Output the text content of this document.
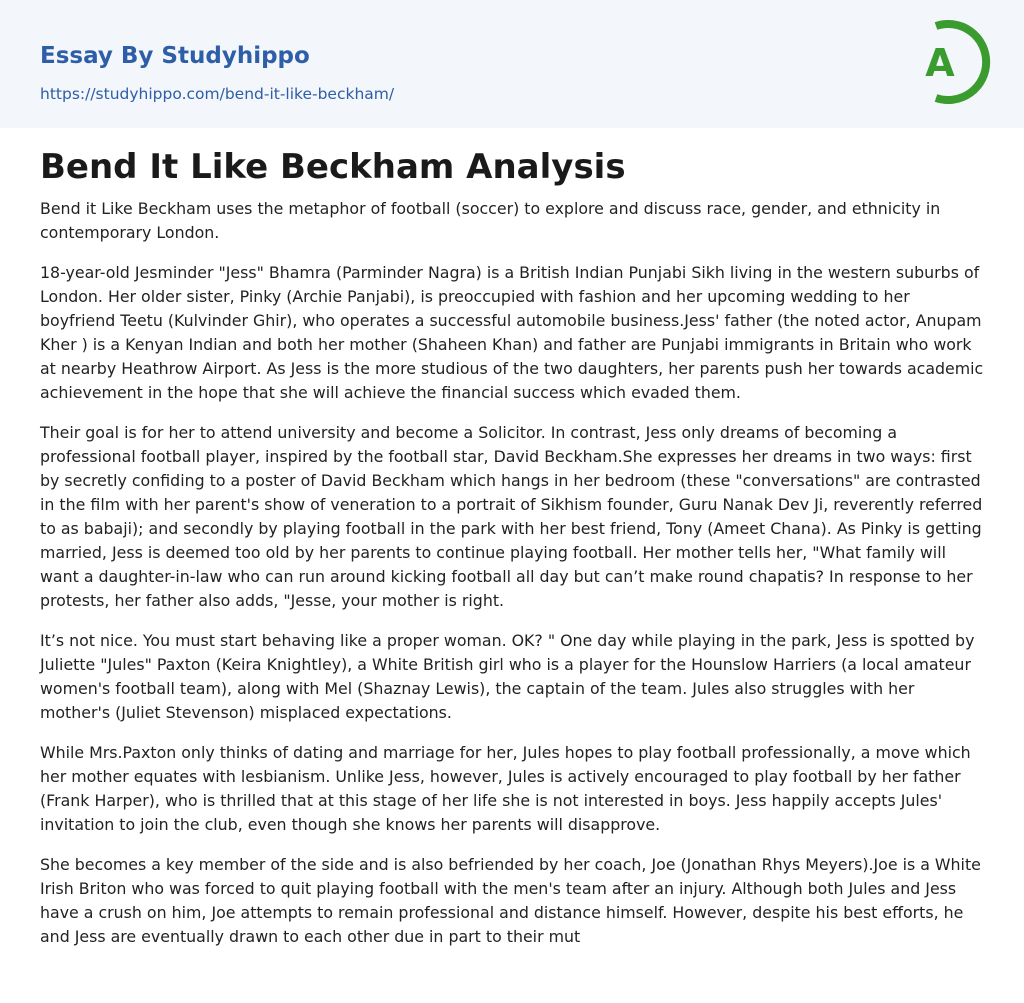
Essay By Studyhippo
https://studyhippo.com/bend-it-like-beckham/
A
Bend It Like Beckham Analysis

Bend it Like Beckham uses the metaphor of football (soccer) to explore and discuss race, gender, and ethnicity in contemporary London.

18-year-old Jesminder "Jess" Bhamra (Parminder Nagra) is a British Indian Punjabi Sikh living in the western suburbs of London. Her older sister, Pinky (Archie Panjabi), is preoccupied with fashion and her upcoming wedding to her boyfriend Teetu (Kulvinder Ghir), who operates a successful automobile business.Jess' father (the noted actor, Anupam Kher ) is a Kenyan Indian and both her mother (Shaheen Khan) and father are Punjabi immigrants in Britain who work at nearby Heathrow Airport. As Jess is the more studious of the two daughters, her parents push her towards academic achievement in the hope that she will achieve the financial success which evaded them.

Their goal is for her to attend university and become a Solicitor. In contrast, Jess only dreams of becoming a professional football player, inspired by the football star, David Beckham.She expresses her dreams in two ways: first by secretly confiding to a poster of David Beckham which hangs in her bedroom (these "conversations" are contrasted in the film with her parent's show of veneration to a portrait of Sikhism founder, Guru Nanak Dev Ji, reverently referred to as babaji); and secondly by playing football in the park with her best friend, Tony (Ameet Chana). As Pinky is getting married, Jess is deemed too old by her parents to continue playing football. Her mother tells her, "What family will want a daughter-in-law who can run around kicking football all day but can’t make round chapatis? In response to her protests, her father also adds, "Jesse, your mother is right.

It’s not nice. You must start behaving like a proper woman. OK? " One day while playing in the park, Jess is spotted by Juliette "Jules" Paxton (Keira Knightley), a White British girl who is a player for the Hounslow Harriers (a local amateur women's football team), along with Mel (Shaznay Lewis), the captain of the team. Jules also struggles with her mother's (Juliet Stevenson) misplaced expectations.

While Mrs.Paxton only thinks of dating and marriage for her, Jules hopes to play football professionally, a move which her mother equates with lesbianism. Unlike Jess, however, Jules is actively encouraged to play football by her father (Frank Harper), who is thrilled that at this stage of her life she is not interested in boys. Jess happily accepts Jules' invitation to join the club, even though she knows her parents will disapprove.

She becomes a key member of the side and is also befriended by her coach, Joe (Jonathan Rhys Meyers).Joe is a White Irish Briton who was forced to quit playing football with the men's team after an injury. Although both Jules and Jess have a crush on him, Joe attempts to remain professional and distance himself. However, despite his best efforts, he and Jess are eventually drawn to each other due in part to their mut
